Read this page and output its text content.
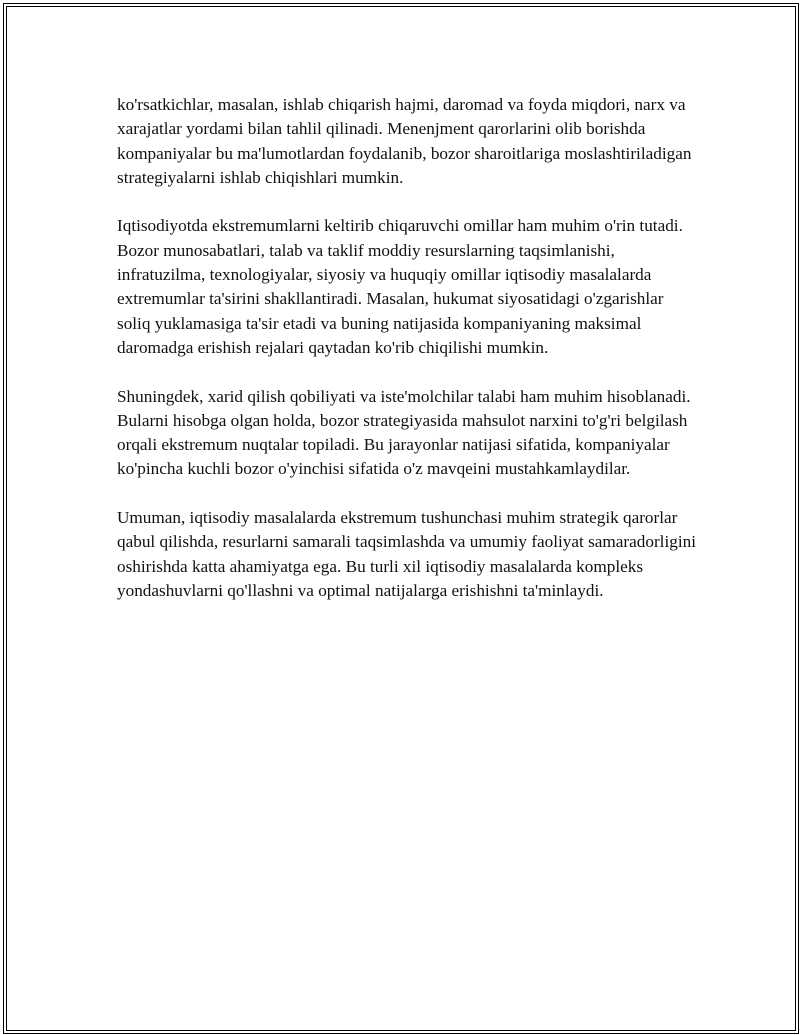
ko'rsatkichlar, masalan, ishlab chiqarish hajmi, daromad va foyda miqdori, narx va xarajatlar yordami bilan tahlil qilinadi. Menenjment qarorlarini olib borishda kompaniyalar bu ma'lumotlardan foydalanib, bozor sharoitlariga moslashtiriladigan strategiyalarni ishlab chiqishlari mumkin.

Iqtisodiyotda ekstremumlarni keltirib chiqaruvchi omillar ham muhim o'rin tutadi. Bozor munosabatlari, talab va taklif moddiy resurslarning taqsimlanishi, infratuzilma, texnologiyalar, siyosiy va huquqiy omillar iqtisodiy masalalarda extremumlar ta'sirini shakllantiradi. Masalan, hukumat siyosatidagi o'zgarishlar soliq yuklamasiga ta'sir etadi va buning natijasida kompaniyaning maksimal daromadga erishish rejalari qaytadan ko'rib chiqilishi mumkin.

Shuningdek, xarid qilish qobiliyati va iste'molchilar talabi ham muhim hisoblanadi. Bularni hisobga olgan holda, bozor strategiyasida mahsulot narxini to'g'ri belgilash orqali ekstremum nuqtalar topiladi. Bu jarayonlar natijasi sifatida, kompaniyalar ko'pincha kuchli bozor o'yinchisi sifatida o'z mavqeini mustahkamlaydilar.

Umuman, iqtisodiy masalalarda ekstremum tushunchasi muhim strategik qarorlar qabul qilishda, resurlarni samarali taqsimlashda va umumiy faoliyat samaradorligini oshirishda katta ahamiyatga ega. Bu turli xil iqtisodiy masalalarda kompleks yondashuvlarni qo'llashni va optimal natijalarga erishishni ta'minlaydi.
